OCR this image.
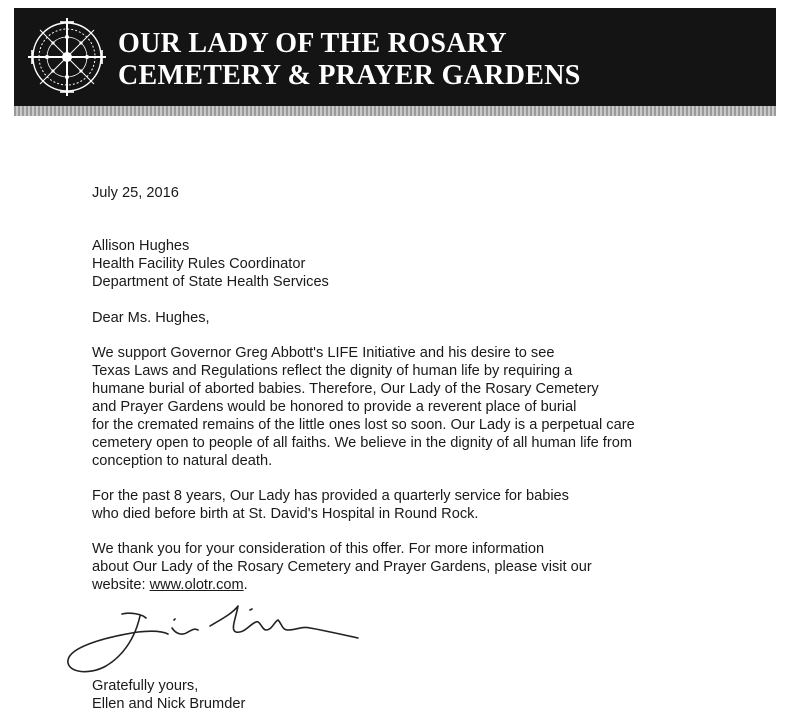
OUR LADY OF THE ROSARY
CEMETERY & PRAYER GARDENS
July 25, 2016
Allison Hughes
Health Facility Rules Coordinator
Department of State Health Services
Dear Ms. Hughes,
We support Governor Greg Abbott's LIFE Initiative and his desire to see
Texas Laws and Regulations reflect the dignity of human life by requiring a
humane burial of aborted babies. Therefore, Our Lady of the Rosary Cemetery
and Prayer Gardens would be honored to provide a reverent place of burial
for the cremated remains of the little ones lost so soon. Our Lady is a perpetual care
cemetery open to people of all faiths. We believe in the dignity of all human life from
conception to natural death.
For the past 8 years, Our Lady has provided a quarterly service for babies
who died before birth at St. David's Hospital in Round Rock.
We thank you for your consideration of this offer. For more information
about Our Lady of the Rosary Cemetery and Prayer Gardens, please visit our
website: www.olotr.com.
Gratefully yours,
Ellen and Nick Brumder
